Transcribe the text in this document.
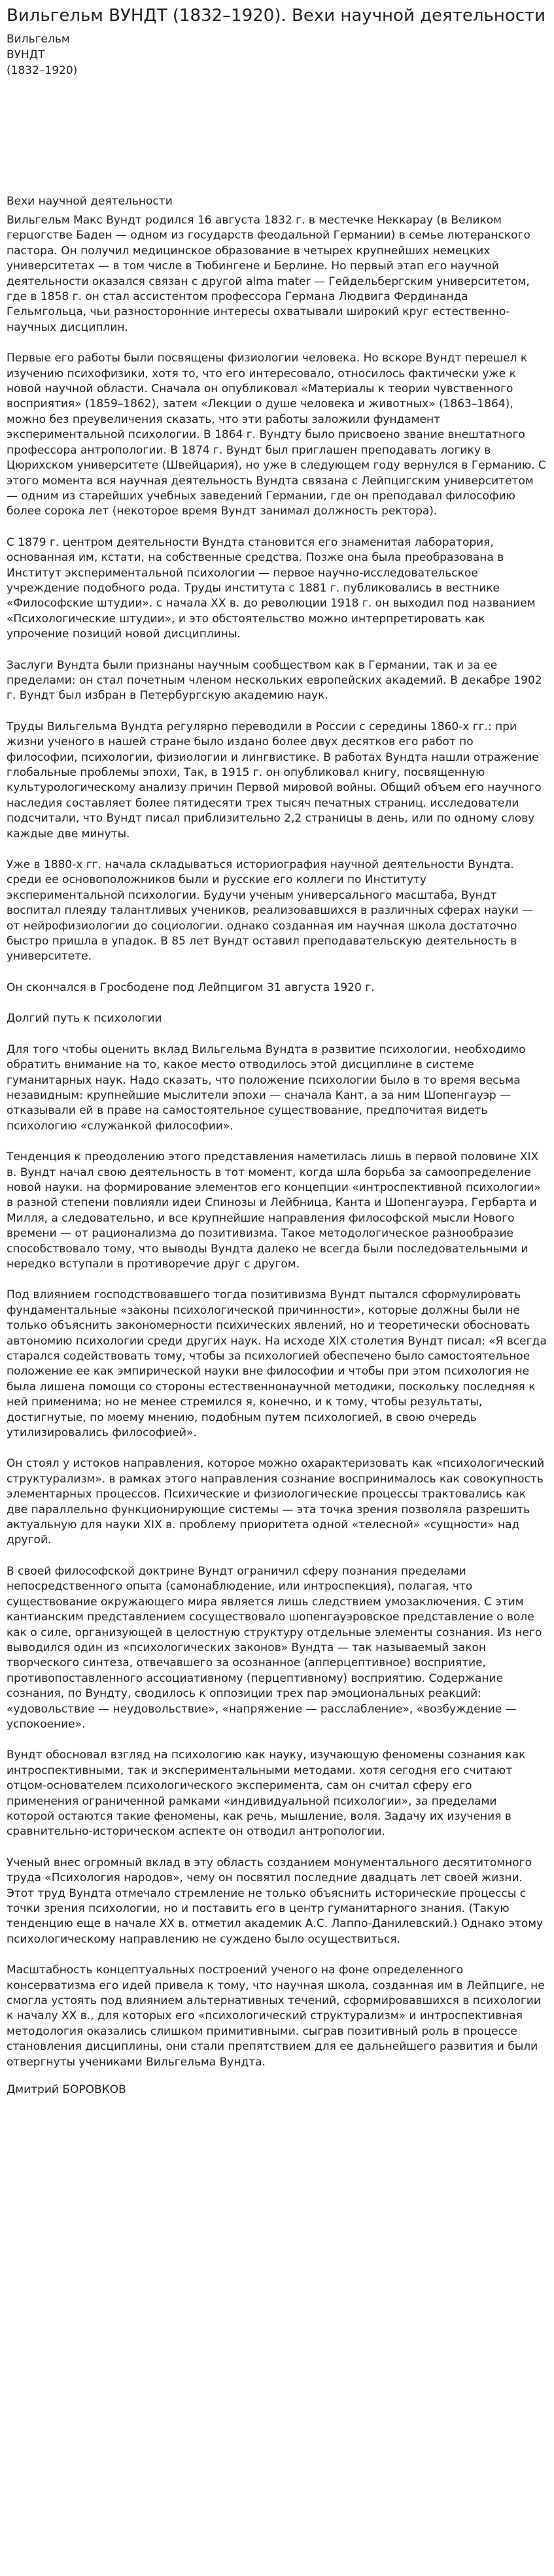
Вильгельм ВУНДТ (1832–1920). Вехи научной деятельности
Вильгельм
ВУНДТ
(1832–1920)
Вехи научной деятельности

Вильгельм Макс Вундт родился 16 августа 1832 г. в местечке Неккарау (в Великом герцогстве Баден — одном из государств феодальной Германии) в семье лютеранского пастора. Он получил медицинское образование в четырех крупнейших немецких университетах — в том числе в Тюбингене и Берлине. Но первый этап его научной деятельности оказался связан с другой alma mater — Гейдельбергским университетом, где в 1858 г. он стал ассистентом профессора Германа Людвига Фердинанда Гельмгольца, чьи разносторонние интересы охватывали широкий круг естественно-научных дисциплин.

Первые его работы были посвящены физиологии человека. Но вскоре Вундт перешел к изучению психофизики, хотя то, что его интересовало, относилось фактически уже к новой научной области. Сначала он опубликовал «Материалы к теории чувственного восприятия» (1859–1862), затем «Лекции о душе человека и животных» (1863–1864), можно без преувеличения сказать, что эти работы заложили фундамент экспериментальной психологии. В 1864 г. Вундту было присвоено звание внештатного профессора антропологии. В 1874 г. Вундт был приглашен преподавать логику в Цюрихском университете (Швейцария), но уже в следующем году вернулся в Германию. С этого момента вся научная деятельность Вундта связана с Лейпцигским университетом — одним из старейших учебных заведений Германии, где он преподавал философию более сорока лет (некоторое время Вундт занимал должность ректора).

С 1879 г. центром деятельности Вундта становится его знаменитая лаборатория, основанная им, кстати, на собственные средства. Позже она была преобразована в Институт экспериментальной психологии — первое научно-исследовательское учреждение подобного рода. Труды института с 1881 г. публиковались в вестнике «Философские штудии». с начала XX в. до революции 1918 г. он выходил под названием «Психологические штудии», и это обстоятельство можно интерпретировать как упрочение позиций новой дисциплины.

Заслуги Вундта были признаны научным сообществом как в Германии, так и за ее пределами: он стал почетным членом нескольких европейских академий. В декабре 1902 г. Вундт был избран в Петербургскую академию наук.

Труды Вильгельма Вундта регулярно переводили в России с середины 1860-х гг.: при жизни ученого в нашей стране было издано более двух десятков его работ по философии, психологии, физиологии и лингвистике. В работах Вундта нашли отражение глобальные проблемы эпохи, Так, в 1915 г. он опубликовал книгу, посвященную культурологическому анализу причин Первой мировой войны. Общий объем его научного наследия составляет более пятидесяти трех тысяч печатных страниц. исследователи подсчитали, что Вундт писал приблизительно 2,2 страницы в день, или по одному слову каждые две минуты.

Уже в 1880-х гг. начала складываться историография научной деятельности Вундта. среди ее основоположников были и русские его коллеги по Институту экспериментальной психологии. Будучи ученым универсального масштаба, Вундт воспитал плеяду талантливых учеников, реализовавшихся в различных сферах науки — от нейрофизиологии до социологии. однако созданная им научная школа достаточно быстро пришла в упадок. В 85 лет Вундт оставил преподавательскую деятельность в университете.

Он скончался в Гросбодене под Лейпцигом 31 августа 1920 г.

Долгий путь к психологии

Для того чтобы оценить вклад Вильгельма Вундта в развитие психологии, необходимо обратить внимание на то, какое место отводилось этой дисциплине в системе гуманитарных наук. Надо сказать, что положение психологии было в то время весьма незавидным: крупнейшие мыслители эпохи — сначала Кант, а за ним Шопенгауэр — отказывали ей в праве на самостоятельное существование, предпочитая видеть психологию «служанкой философии».

Тенденция к преодолению этого представления наметилась лишь в первой половине XIX в. Вундт начал свою деятельность в тот момент, когда шла борьба за самоопределение новой науки. на формирование элементов его концепции «интроспективной психологии» в разной степени повлияли идеи Спинозы и Лейбница, Канта и Шопенгауэра, Гербарта и Милля, а следовательно, и все крупнейшие направления философской мысли Нового времени — от рационализма до позитивизма. Такое методологическое разнообразие способствовало тому, что выводы Вундта далеко не всегда были последовательными и нередко вступали в противоречие друг с другом.

Под влиянием господствовавшего тогда позитивизма Вундт пытался сформулировать фундаментальные «законы психологической причинности», которые должны были не только объяснить закономерности психических явлений, но и теоретически обосновать автономию психологии среди других наук. На исходе XIX столетия Вундт писал: «Я всегда старался содействовать тому, чтобы за психологией обеспечено было самостоятельное положение ее как эмпирической науки вне философии и чтобы при этом психология не была лишена помощи со стороны естественнонаучной методики, поскольку последняя к ней применима; но не менее стремился я, конечно, и к тому, чтобы результаты, достигнутые, по моему мнению, подобным путем психологией, в свою очередь утилизировались философией».

Он стоял у истоков направления, которое можно охарактеризовать как «психологический структурализм». в рамках этого направления сознание воспринималось как совокупность элементарных процессов. Психические и физиологические процессы трактовались как две параллельно функционирующие системы — эта точка зрения позволяла разрешить актуальную для науки XIX в. проблему приоритета одной «телесной» «сущности» над другой.

В своей философской доктрине Вундт ограничил сферу познания пределами непосредственного опыта (самонаблюдение, или интроспекция), полагая, что существование окружающего мира является лишь следствием умозаключения. С этим кантианским представлением сосуществовало шопенгауэровское представление о воле как о силе, организующей в целостную структуру отдельные элементы сознания. Из него выводился один из «психологических законов» Вундта — так называемый закон творческого синтеза, отвечавшего за осознанное (апперцептивное) восприятие, противопоставленного ассоциативному (перцептивному) восприятию. Содержание сознания, по Вундту, сводилось к оппозиции трех пар эмоциональных реакций: «удовольствие — неудовольствие», «напряжение — расслабление», «возбуждение — успокоение».

Вундт обосновал взгляд на психологию как науку, изучающую феномены сознания как интроспективными, так и экспериментальными методами. хотя сегодня его считают отцом-основателем психологического эксперимента, сам он считал сферу его применения ограниченной рамками «индивидуальной психологии», за пределами которой остаются такие феномены, как речь, мышление, воля. Задачу их изучения в сравнительно-историческом аспекте он отводил антропологии.

Ученый внес огромный вклад в эту область созданием монументального десятитомного труда «Психология народов», чему он посвятил последние двадцать лет своей жизни. Этот труд Вундта отмечало стремление не только объяснить исторические процессы с точки зрения психологии, но и поставить его в центр гуманитарного знания. (Такую тенденцию еще в начале XX в. отметил академик А.С. Лаппо-Данилевский.) Однако этому психологическому направлению не суждено было осуществиться.

Масштабность концептуальных построений ученого на фоне определенного консерватизма его идей привела к тому, что научная школа, созданная им в Лейпциге, не смогла устоять под влиянием альтернативных течений, сформировавшихся в психологии к началу XX в., для которых его «психологический структурализм» и интроспективная методология оказались слишком примитивными. сыграв позитивный роль в процессе становления дисциплины, они стали препятствием для ее дальнейшего развития и были отвергнуты учениками Вильгельма Вундта.

Дмитрий БОРОВКОВ
